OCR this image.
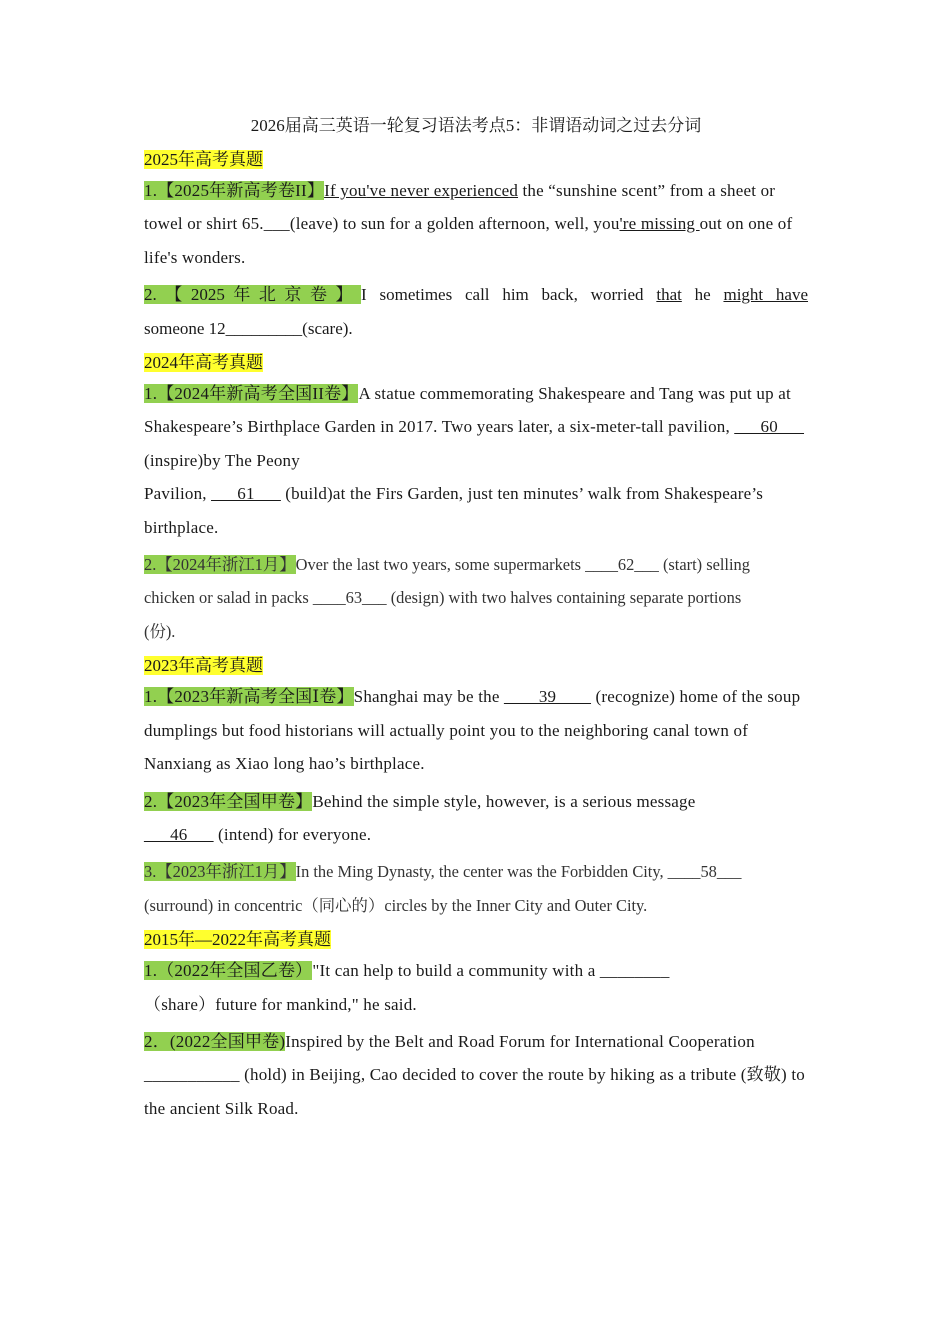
2026届高三英语一轮复习语法考点5：非谓语动词之过去分词

2025年高考真题

1.【2025年新高考卷II】If you've never experienced the “sunshine scent” from a sheet or towel or shirt 65.___(leave) to sun for a golden afternoon, well, you're missing out on one of life's wonders.

2.【2025年北京卷】I sometimes call him back, worried that he might have
someone 12_________(scare).

2024年高考真题

1.【2024年新高考全国II卷】A statue commemorating Shakespeare and Tang was put up at Shakespeare’s Birthplace Garden in 2017. Two years later, a six-meter-tall pavilion, ___60___ (inspire)by The Peony
Pavilion, ___61___ (build)at the Firs Garden, just ten minutes’ walk from Shakespeare’s birthplace.

2.【2024年浙江1月】Over the last two years, some supermarkets ____62___ (start) selling chicken or salad in packs ____63___ (design) with two halves containing separate portions (份).

2023年高考真题

1.【2023年新高考全国Ⅰ卷】Shanghai may be the ____39____ (recognize) home of the soup dumplings but food historians will actually point you to the neighboring canal town of Nanxiang as Xiao long hao’s birthplace.

2.【2023年全国甲卷】Behind the simple style, however, is a serious message ___46___ (intend) for everyone.

3.【2023年浙江1月】In the Ming Dynasty, the center was the Forbidden City, ____58___ (surround) in concentric（同心的）circles by the Inner City and Outer City.

2015年—2022年高考真题

1.（2022年全国乙卷）"It can help to build a community with a ________（share）future for mankind," he said.

2．(2022全国甲卷)Inspired by the Belt and Road Forum for International Cooperation ___________ (hold) in Beijing, Cao decided to cover the route by hiking as a tribute (致敬) to the ancient Silk Road.
